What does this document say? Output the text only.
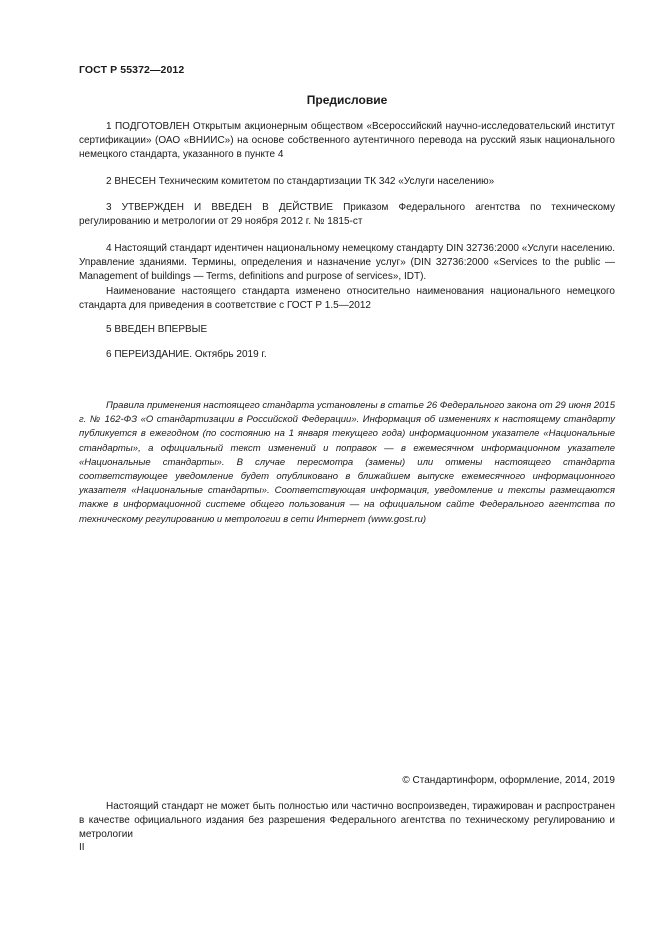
ГОСТ Р 55372—2012
Предисловие

1 ПОДГОТОВЛЕН Открытым акционерным обществом «Всероссийский научно-исследовательский институт сертификации» (ОАО «ВНИИС») на основе собственного аутентичного перевода на русский язык национального немецкого стандарта, указанного в пункте 4

2 ВНЕСЕН Техническим комитетом по стандартизации ТК 342 «Услуги населению»

3 УТВЕРЖДЕН И ВВЕДЕН В ДЕЙСТВИЕ Приказом Федерального агентства по техническому регулированию и метрологии от 29 ноября 2012 г. № 1815-ст

4 Настоящий стандарт идентичен национальному немецкому стандарту DIN 32736:2000 «Услуги населению. Управление зданиями. Термины, определения и назначение услуг» (DIN 32736:2000 «Services to the public — Management of buildings — Terms, definitions and purpose of services», IDT).

Наименование настоящего стандарта изменено относительно наименования национального немецкого стандарта для приведения в соответствие с ГОСТ Р 1.5—2012

5 ВВЕДЕН ВПЕРВЫЕ

6 ПЕРЕИЗДАНИЕ. Октябрь 2019 г.

Правила применения настоящего стандарта установлены в статье 26 Федерального закона от 29 июня 2015 г. № 162-ФЗ «О стандартизации в Российской Федерации». Информация об изменениях к настоящему стандарту публикуется в ежегодном (по состоянию на 1 января текущего года) информационном указателе «Национальные стандарты», а официальный текст изменений и поправок — в ежемесячном информационном указателе «Национальные стандарты». В случае пересмотра (замены) или отмены настоящего стандарта соответствующее уведомление будет опубликовано в ближайшем выпуске ежемесячного информационного указателя «Национальные стандарты». Соответствующая информация, уведомление и тексты размещаются также в информационной системе общего пользования — на официальном сайте Федерального агентства по техническому регулированию и метрологии в сети Интернет (www.gost.ru)

© Стандартинформ, оформление, 2014, 2019

Настоящий стандарт не может быть полностью или частично воспроизведен, тиражирован и распространен в качестве официального издания без разрешения Федерального агентства по техническому регулированию и метрологии

II
